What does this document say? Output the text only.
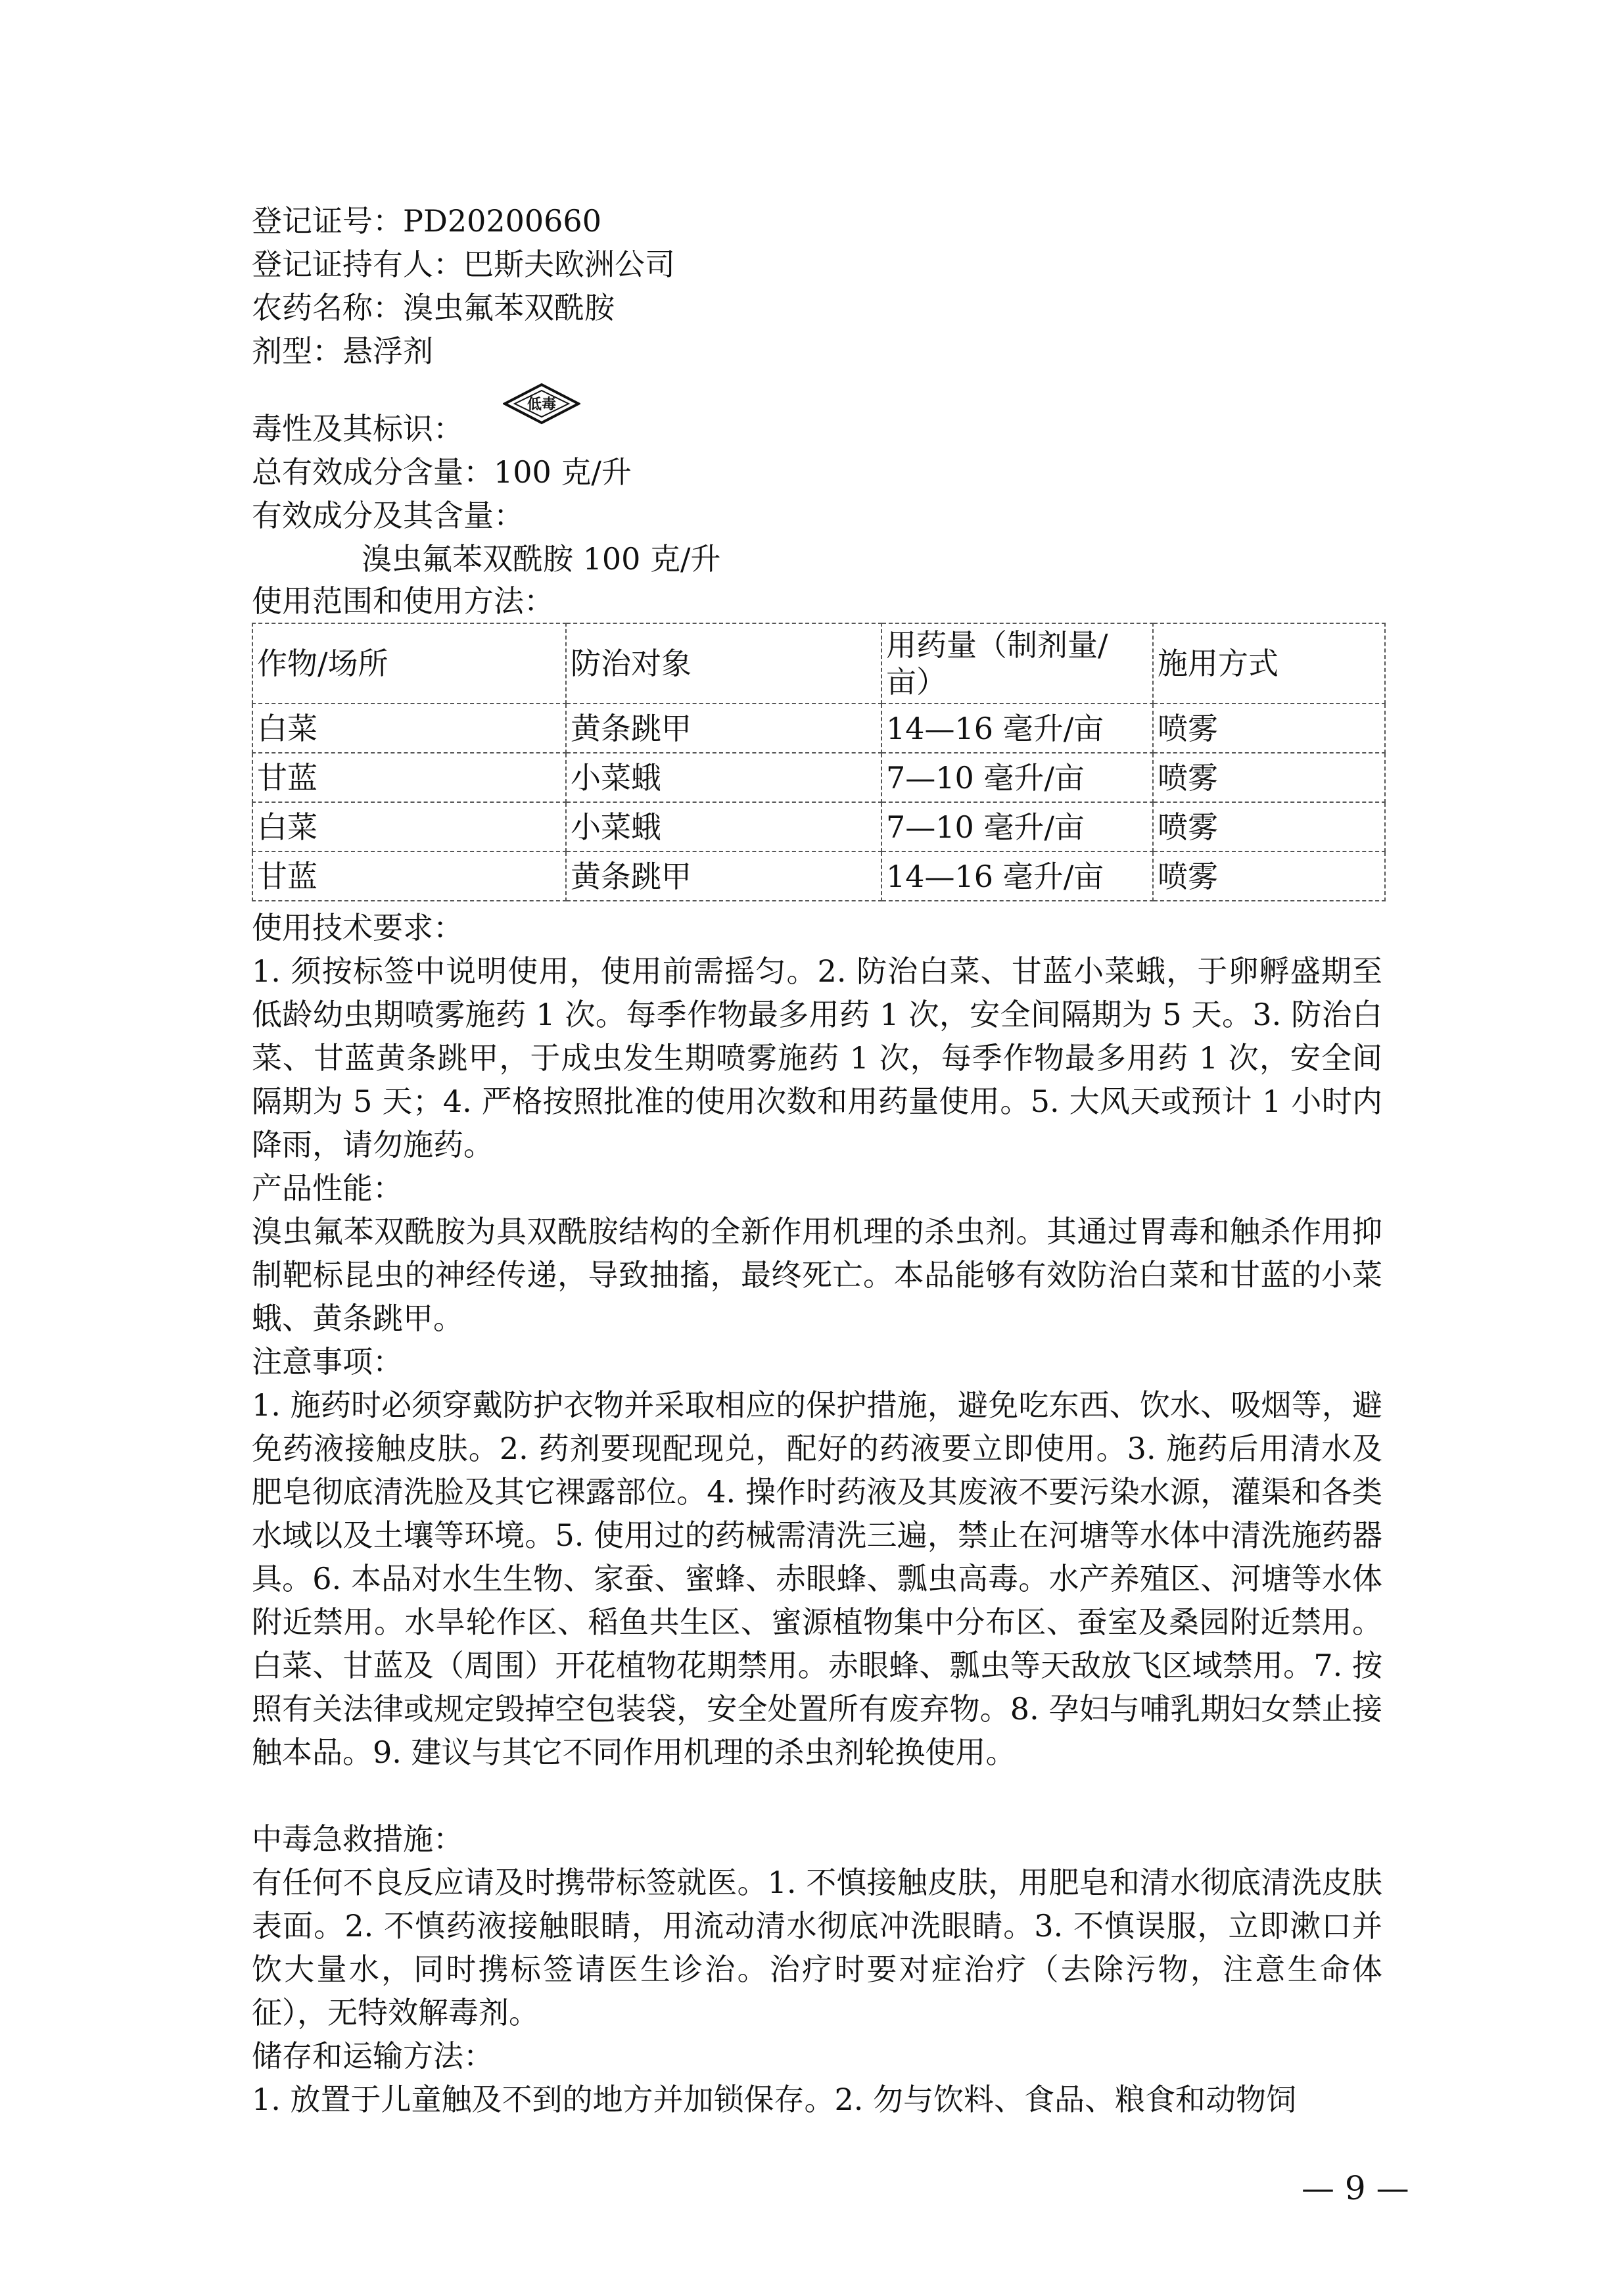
登记证号：PD20200660
登记证持有人：巴斯夫欧洲公司
农药名称：溴虫氟苯双酰胺
剂型：悬浮剂
毒性及其标识：
低毒
总有效成分含量：100 克/升
有效成分及其含量：
溴虫氟苯双酰胺 100 克/升
使用范围和使用方法：
作物/场所	防治对象	用药量（制剂量/亩）	施用方式
白菜	黄条跳甲	14—16 毫升/亩	喷雾
甘蓝	小菜蛾	7—10 毫升/亩	喷雾
白菜	小菜蛾	7—10 毫升/亩	喷雾
甘蓝	黄条跳甲	14—16 毫升/亩	喷雾
使用技术要求：
1. 须按标签中说明使用，使用前需摇匀。2. 防治白菜、甘蓝小菜蛾，于卵孵盛期至低龄幼虫期喷雾施药 1 次。每季作物最多用药 1 次，安全间隔期为 5 天。3. 防治白菜、甘蓝黄条跳甲，于成虫发生期喷雾施药 1 次，每季作物最多用药 1 次，安全间隔期为 5 天；4. 严格按照批准的使用次数和用药量使用。5. 大风天或预计 1 小时内降雨，请勿施药。
产品性能：
溴虫氟苯双酰胺为具双酰胺结构的全新作用机理的杀虫剂。其通过胃毒和触杀作用抑制靶标昆虫的神经传递，导致抽搐，最终死亡。本品能够有效防治白菜和甘蓝的小菜蛾、黄条跳甲。
注意事项：
1. 施药时必须穿戴防护衣物并采取相应的保护措施，避免吃东西、饮水、吸烟等，避免药液接触皮肤。2. 药剂要现配现兑，配好的药液要立即使用。3. 施药后用清水及肥皂彻底清洗脸及其它裸露部位。4. 操作时药液及其废液不要污染水源，灌渠和各类水域以及土壤等环境。5. 使用过的药械需清洗三遍，禁止在河塘等水体中清洗施药器具。6. 本品对水生生物、家蚕、蜜蜂、赤眼蜂、瓢虫高毒。水产养殖区、河塘等水体附近禁用。水旱轮作区、稻鱼共生区、蜜源植物集中分布区、蚕室及桑园附近禁用。白菜、甘蓝及（周围）开花植物花期禁用。赤眼蜂、瓢虫等天敌放飞区域禁用。7. 按照有关法律或规定毁掉空包装袋，安全处置所有废弃物。8. 孕妇与哺乳期妇女禁止接触本品。9. 建议与其它不同作用机理的杀虫剂轮换使用。
中毒急救措施：
有任何不良反应请及时携带标签就医。1. 不慎接触皮肤，用肥皂和清水彻底清洗皮肤表面。2. 不慎药液接触眼睛，用流动清水彻底冲洗眼睛。3. 不慎误服，立即漱口并饮大量水，同时携标签请医生诊治。治疗时要对症治疗（去除污物，注意生命体征），无特效解毒剂。
储存和运输方法：
1. 放置于儿童触及不到的地方并加锁保存。2. 勿与饮料、食品、粮食和动物饲
— 9 —
